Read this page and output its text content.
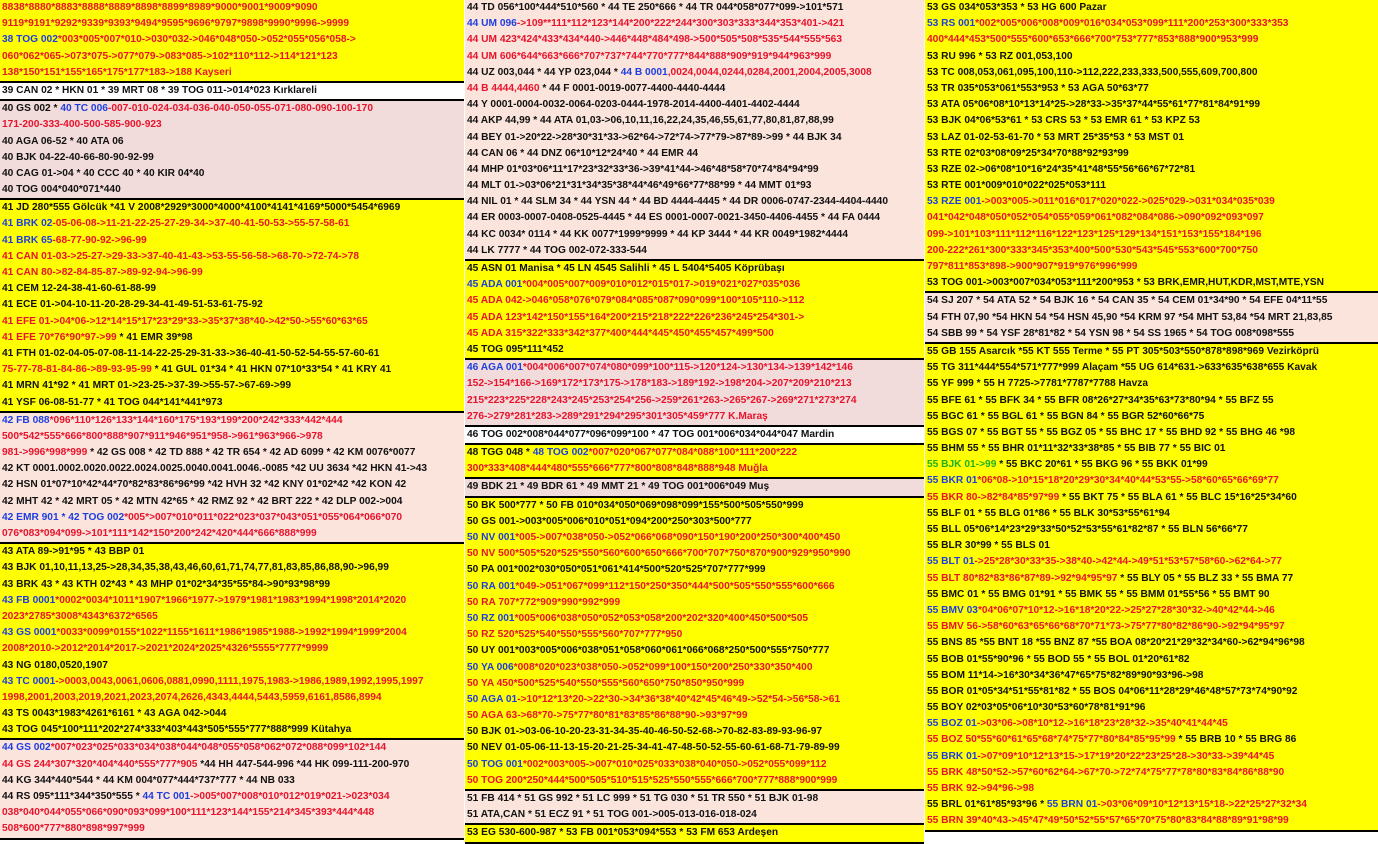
8838*8880*8883*8888*8889*8898*8899*8989*9000*9001*9009*9090
9119*9191*9292*9339*9393*9494*9595*9696*9797*9898*9990*9996->9999
38 TOG 002*003*005*007*010->030*032->046*048*050->052*055*056*058->
060*062*065->073*075->077*079->083*085->102*110*112->114*121*123
138*150*151*155*165*175*177*183->188 Kayseri
39 CAN 02 * HKN 01 * 39 MRT 08 * 39 TOG 011->014*023 Kırklareli
40 GS 002 * 40 TC 006-007-010-024-034-036-040-050-055-071-080-090-100-170
171-200-333-400-500-585-900-923
40 AGA 06-52 * 40 ATA 06
40 BJK 04-22-40-66-80-90-92-99
40 CAG 01->04 * 40 CCC 40 * 40 KIR 04*40
40 TOG 004*040*071*440
41 JD 280*555 Gölcük *41 V 2008*2929*3000*4000*4100*4141*4169*5000*5454*6969
41 BRK 02-05-06-08->11-21-22-25-27-29-34->37-40-41-50-53->55-57-58-61
41 BRK 65-68-77-90-92->96-99
41 CAN 01-03->25-27->29-33->37-40-41-43->53-55-56-58->68-70->72-74->78
41 CAN 80->82-84-85-87->89-92-94->96-99
41 CEM 12-24-38-41-60-61-88-99
41 ECE 01->04-10-11-20-28-29-34-41-49-51-53-61-75-92
41 EFE 01->04*06->12*14*15*17*23*29*33->35*37*38*40->42*50->55*60*63*65
41 EFE 70*76*90*97->99 * 41 EMR 39*98
41 FTH 01-02-04-05-07-08-11-14-22-25-29-31-33->36-40-41-50-52-54-55-57-60-61
75-77-78-81-84-86->89-93-95-99 * 41 GUL 01*34 * 41 HKN 07*10*33*54 * 41 KRY 41
41 MRN 41*92 * 41 MRT 01->23-25->37-39->55-57->67-69->99
41 YSF 06-08-51-77 * 41 TOG 044*141*441*973
42 FB 088*096*110*126*133*144*160*175*193*199*200*242*333*442*444
500*542*555*666*800*888*907*911*946*951*958->961*963*966->978
981->996*998*999 * 42 GS 008 * 42 TD 888 * 42 TR 654 * 42 AD 6099 * 42 KM 0076*0077
42 KT 0001.0002.0020.0022.0024.0025.0040.0041.0046.-0085 *42 UU 3634 *42 HKN 41->43
42 HSN 01*07*10*42*44*70*82*83*86*96*99 *42 HVH 32 *42 KNY 01*02*42 *42 KON 42
42 MHT 42 * 42 MRT 05 * 42 MTN 42*65 * 42 RMZ 92 * 42 BRT 222 * 42 DLP 002->004
42 EMR 901 * 42 TOG 002*005*>007*010*011*022*023*037*043*051*055*064*066*070
076*083*094*099->101*111*142*150*200*242*420*444*666*888*999
43 ATA 89->91*95 * 43 BBP 01
43 BJK 01,10,11,13,25->28,34,35,38,43,46,60,61,71,74,77,81,83,85,86,88,90->96,99
43 BRK 43 * 43 KTH 02*43 * 43 MHP 01*02*34*35*55*84->90*93*98*99
43 FB 0001*0002*0034*1011*1907*1966*1977->1979*1981*1983*1994*1998*2014*2020
2023*2785*3008*4343*6372*6565
43 GS 0001*0033*0099*0155*1022*1155*1611*1986*1985*1988->1992*1994*1999*2004
2008*2010->2012*2014*2017->2021*2024*2025*4326*5555*7777*9999
43 NG 0180,0520,1907
43 TC 0001->0003,0043,0061,0606,0881,0990,1111,1975,1983->1986,1989,1992,1995,1997
1998,2001,2003,2019,2021,2023,2074,2626,4343,4444,5443,5959,6161,8586,8994
43 TS 0043*1983*4261*6161 * 43 AGA 042->044
43 TOG 045*100*111*202*274*333*403*443*505*555*777*888*999 Kütahya
44 GS 002*007*023*025*033*034*038*044*048*055*058*062*072*088*099*102*144
44 GS 244*307*320*404*440*555*777*905 *44 HH 447-544-996 *44 HK 099-111-200-970
44 KG 344*440*544 * 44 KM 004*077*444*737*777 * 44 NB 033
44 RS 095*111*344*350*555 * 44 TC 001->005*007*008*010*012*019*021->023*034
038*040*044*055*066*090*093*099*100*111*123*144*155*214*345*393*444*448
508*600*777*880*898*997*999
44 TD 056*100*444*510*560 * 44 TE 250*666 * 44 TR 044*058*077*099->101*571
44 UM 096->109**111*112*123*144*200*222*244*300*303*333*344*353*401->421
44 UM 423*424*433*434*440->446*448*484*498->500*505*508*535*544*555*563
44 UM 606*644*663*666*707*737*744*770*777*844*888*909*919*944*963*999
44 UZ 003,044 * 44 YP 023,044 * 44 B 0001,0024,0044,0244,0284,2001,2004,2005,3008
44 B 4444,4460 * 44 F 0001-0019-0077-4400-4440-4444
44 Y 0001-0004-0032-0064-0203-0444-1978-2014-4400-4401-4402-4444
44 AKP 44,99 * 44 ATA 01,03->06,10,11,16,22,24,35,46,55,61,77,80,81,87,88,99
44 BEY 01->20*22->28*30*31*33->62*64->72*74->77*79->87*89->99 * 44 BJK 34
44 CAN 06 * 44 DNZ 06*10*12*24*40 * 44 EMR 44
44 MHP 01*03*06*11*17*23*32*33*36->39*41*44->46*48*58*70*74*84*94*99
44 MLT 01->03*06*21*31*34*35*38*44*46*49*66*77*88*99 * 44 MMT 01*93
44 NIL 01 * 44 SLM 34 * 44 YSN 44 * 44 BD 4444-4445 * 44 DR 0006-0747-2344-4404-4440
44 ER 0003-0007-0408-0525-4445 * 44 ES 0001-0007-0021-3450-4406-4455 * 44 FA 0444
44 KC 0034* 0114 * 44 KK 0077*1999*9999 * 44 KP 3444 * 44 KR 0049*1982*4444
44 LK 7777 * 44 TOG 002-072-333-544
45 ASN 01 Manisa * 45 LN 4545 Salihli * 45 L 5404*5405 Köprübaşı
45 ADA 001*004*005*007*009*010*012*015*017->019*021*027*035*036
45 ADA 042->046*058*076*079*084*085*087*090*099*100*105*110->112
45 ADA 123*142*150*155*164*200*215*218*222*226*236*245*254*301->
45 ADA 315*322*333*342*377*400*444*445*450*455*457*499*500
45 TOG 095*111*452
46 AGA 001*004*006*007*074*080*099*100*115->120*124->130*134->139*142*146
152->154*166->169*172*173*175->178*183->189*192->198*204->207*209*210*213
215*223*225*228*243*245*253*254*256->259*261*263->265*267->269*271*273*274
276->279*281*283->289*291*294*295*301*305*459*777 K.Maraş
46 TOG 002*008*044*077*096*099*100 * 47 TOG 001*006*034*044*047 Mardin
48 TGG 048 * 48 TOG 002*007*020*067*077*084*088*100*111*200*222
300*333*408*444*480*555*666*777*800*808*848*888*948 Muğla
49 BDK 21 * 49 BDR 61 * 49 MMT 21 * 49 TOG 001*006*049 Muş
50 BK 500*777 * 50 FB 010*034*050*069*098*099*155*500*505*550*999
50 GS 001->003*005*006*010*051*094*200*250*303*500*777
50 NV 001*005->007*038*050->052*066*068*090*150*190*200*250*300*400*450
50 NV 500*505*520*525*550*560*600*650*666*700*707*750*870*900*929*950*990
50 PA 001*002*030*050*051*061*414*500*520*525*707*777*999
50 RA 001*049->051*067*099*112*150*250*350*444*500*505*550*555*600*666
50 RA 707*772*909*990*992*999
50 RZ 001*005*006*038*050*052*053*058*200*202*320*400*450*500*505
50 RZ 520*525*540*550*555*560*707*777*950
50 UY 001*003*005*006*038*051*058*060*061*066*068*250*500*555*750*777
50 YA 006*008*020*023*038*050->052*099*100*150*200*250*330*350*400
50 YA 450*500*525*540*550*555*560*650*750*850*950*999
50 AGA 01->10*12*13*20->22*30->34*36*38*40*42*45*46*49->52*54->56*58->61
50 AGA 63->68*70->75*77*80*81*83*85*86*88*90->93*97*99
50 BJK 01->03-06-10-20-23-31-34-35-40-46-50-52-68->70-82-83-89-93-96-97
50 NEV 01-05-06-11-13-15-20-21-25-34-41-47-48-50-52-55-60-61-68-71-79-89-99
50 TOG 001*002*003*005->007*010*025*033*038*040*050->052*055*099*112
50 TOG 200*250*444*500*505*510*515*525*550*555*666*700*777*888*900*999
51 FB 414 * 51 GS 992 * 51 LC 999 * 51 TG 030 * 51 TR 550 * 51 BJK 01-98
51 ATA,CAN * 51 ECZ 91 * 51 TOG 001->005-013-016-018-024
53 EG 530-600-987 * 53 FB 001*053*094*553 * 53 FM 653 Ardeşen
53 GS 034*053*353 * 53 HG 600 Pazar
53 RS 001*002*005*006*008*009*016*034*053*099*111*200*253*300*333*353
400*444*453*500*555*600*653*666*700*753*777*853*888*900*953*999
53 RU 996 * 53 RZ 001,053,100
53 TC 008,053,061,095,100,110->112,222,233,333,500,555,609,700,800
53 TR 035*053*061*553*953 * 53 AGA 50*63*77
53 ATA 05*06*08*10*13*14*25->28*33->35*37*44*55*61*77*81*84*91*99
53 BJK 04*06*53*61 * 53 CRS 53 * 53 EMR 61 * 53 KPZ 53
53 LAZ 01-02-53-61-70 * 53 MRT 25*35*53 * 53 MST 01
53 RTE 02*03*08*09*25*34*70*88*92*93*99
53 RZE 02->06*08*10*16*24*35*41*48*55*56*66*67*72*81
53 RTE 001*009*010*022*025*053*111
53 RZE 001->003*005->011*016*017*020*022->025*029->031*034*035*039
041*042*048*050*052*054*055*059*061*082*084*086->090*092*093*097
099->101*103*111*112*116*122*123*125*129*134*151*153*155*184*196
200-222*261*300*333*345*353*400*500*530*543*545*553*600*700*750
797*811*853*898->900*907*919*976*996*999
53 TOG 001->003*007*034*053*111*200*953 * 53 BRK,EMR,HUT,KDR,MST,MTE,YSN
54 SJ 207 * 54 ATA 52 * 54 BJK 16 * 54 CAN 35 * 54 CEM 01*34*90 * 54 EFE 04*11*55
54 FTH 07,90 *54 HKN 54 *54 HSN 45,90 *54 KRM 97 *54 MHT 53,84 *54 MRT 21,83,85
54 SBB 99 * 54 YSF 28*81*82 * 54 YSN 98 * 54 SS 1965 * 54 TOG 008*098*555
55 GB 155 Asarcık *55 KT 555 Terme * 55 PT 305*503*550*878*898*969 Vezirköprü
55 TG 311*444*554*571*777*999 Alaçam *55 UG 614*631->633*635*638*655 Kavak
55 YF 999 * 55 H 7725->7781*7787*7788 Havza
55 BFE 61 * 55 BFK 34 * 55 BFR 08*26*27*34*35*63*73*80*94 * 55 BFZ 55
55 BGC 61 * 55 BGL 61 * 55 BGN 84 * 55 BGR 52*60*66*75
55 BGS 07 * 55 BGT 55 * 55 BGZ 05 * 55 BHC 17 * 55 BHD 92 * 55 BHG 46 *98
55 BHM 55 * 55 BHR 01*11*32*33*38*85 * 55 BIB 77 * 55 BIC 01
55 BJK 01->99 * 55 BKC 20*61 * 55 BKG 96 * 55 BKK 01*99
55 BKR 01*06*08->10*15*18*20*29*30*34*40*44*53*55->58*60*65*66*69*77
55 BKR 80->82*84*85*97*99 * 55 BKT 75 * 55 BLA 61 * 55 BLC 15*16*25*34*60
55 BLF 01 * 55 BLG 01*86 * 55 BLK 30*53*55*61*94
55 BLL 05*06*14*23*29*33*50*52*53*55*61*82*87 * 55 BLN 56*66*77
55 BLR 30*99 * 55 BLS 01
55 BLT 01->25*28*30*33*35->38*40->42*44->49*51*53*57*58*60->62*64->77
55 BLT 80*82*83*86*87*89->92*94*95*97 * 55 BLY 05 * 55 BLZ 33 * 55 BMA 77
55 BMC 01 * 55 BMG 01*91 * 55 BMK 55 * 55 BMM 01*55*56 * 55 BMT 90
55 BMV 03*04*06*07*10*12->16*18*20*22->25*27*28*30*32->40*42*44->46
55 BMV 56->58*60*63*65*66*68*70*71*73->75*77*80*82*86*90->92*94*95*97
55 BNS 85 *55 BNT 18 *55 BNZ 87 *55 BOA 08*20*21*29*32*34*60->62*94*96*98
55 BOB 01*55*90*96 * 55 BOD 55 * 55 BOL 01*20*61*82
55 BOM 11*14->16*30*34*36*47*65*75*82*89*90*93*96->98
55 BOR 01*05*34*51*55*81*82 * 55 BOS 04*06*11*28*29*46*48*57*73*74*90*92
55 BOY 02*03*05*06*10*30*53*60*78*81*91*96
55 BOZ 01->03*06->08*10*12->16*18*23*28*32->35*40*41*44*45
55 BOZ 50*55*60*61*65*68*74*75*77*80*84*85*95*99 * 55 BRB 10 * 55 BRG 86
55 BRK 01->07*09*10*12*13*15->17*19*20*22*23*25*28->30*33->39*44*45
55 BRK 48*50*52->57*60*62*64->67*70->72*74*75*77*78*80*83*84*86*88*90
55 BRK 92->94*96->98
55 BRL 01*61*85*93*96 * 55 BRN 01->03*06*09*10*12*13*15*18->22*25*27*32*34
55 BRN 39*40*43->45*47*49*50*52*55*57*65*70*75*80*83*84*88*89*91*98*99
